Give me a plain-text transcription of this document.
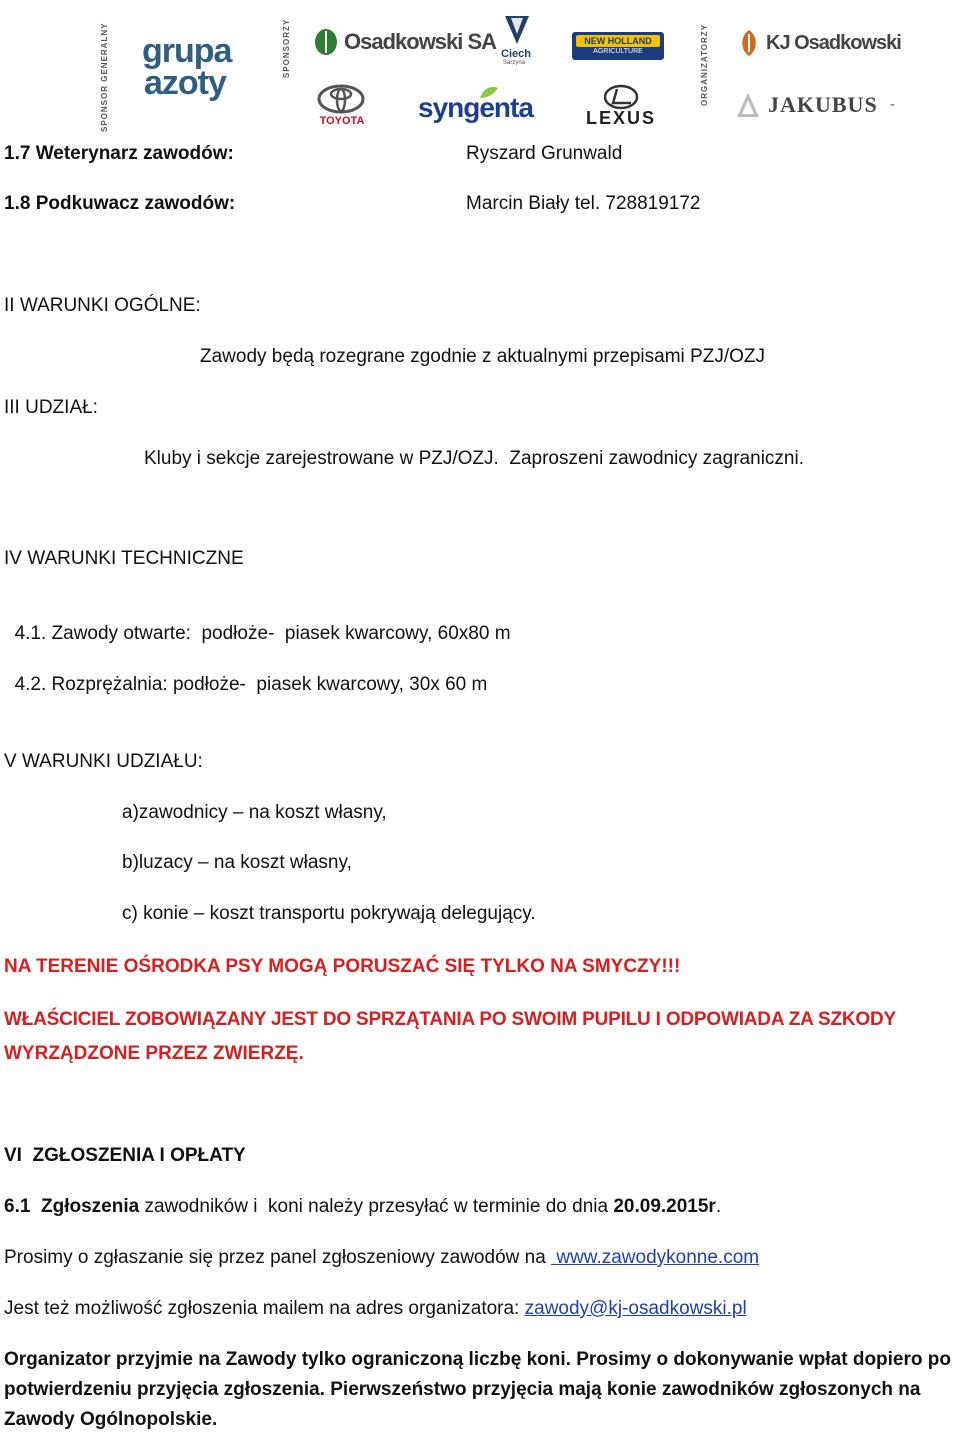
SPONSOR GENERALNY	SPONSORZY	ORGANIZATORZY
grupa
azoty
Osadkowski SA Ciech
Sarzyna
NEW HOLLAND
AGRICULTURE	KJ Osadkowski
TOYOTA syngenta	LEXUS
JAKUBUS -
1.7 Weterynarz zawodów:	Ryszard Grunwald
1.8 Podkuwacz zawodów:	Marcin Biały tel. 728819172
II WARUNKI OGÓLNE:
Zawody będą rozegrane zgodnie z aktualnymi przepisami PZJ/OZJ
III UDZIAŁ:
Kluby i sekcje zarejestrowane w PZJ/OZJ.  Zaproszeni zawodnicy zagraniczni.
IV WARUNKI TECHNICZNE

4.1. Zawody otwarte:  podłoże-  piasek kwarcowy, 60x80 m

4.2. Rozprężalnia: podłoże-  piasek kwarcowy, 30x 60 m

V WARUNKI UDZIAŁU:
a)zawodnicy – na koszt własny,
b)luzacy – na koszt własny,
c) konie – koszt transportu pokrywają delegujący.
NA TERENIE OŚRODKA PSY MOGĄ PORUSZAĆ SIĘ TYLKO NA SMYCZY!!!
WŁAŚCICIEL ZOBOWIĄZANY JEST DO SPRZĄTANIA PO SWOIM PUPILU I ODPOWIADA ZA SZKODY
WYRZĄDZONE PRZEZ ZWIERZĘ.
VI  ZGŁOSZENIA I OPŁATY
6.1 Zgłoszenia zawodników i  koni należy przesyłać w terminie do dnia 20.09.2015r.
Prosimy o zgłaszanie się przez panel zgłoszeniowy zawodów na  www.zawodykonne.com
Jest też możliwość zgłoszenia mailem na adres organizatora: zawody@kj-osadkowski.pl
Organizator przyjmie na Zawody tylko ograniczoną liczbę koni. Prosimy o dokonywanie wpłat dopiero po
potwierdzeniu przyjęcia zgłoszenia. Pierwszeństwo przyjęcia mają konie zawodników zgłoszonych na
Zawody Ogólnopolskie.
